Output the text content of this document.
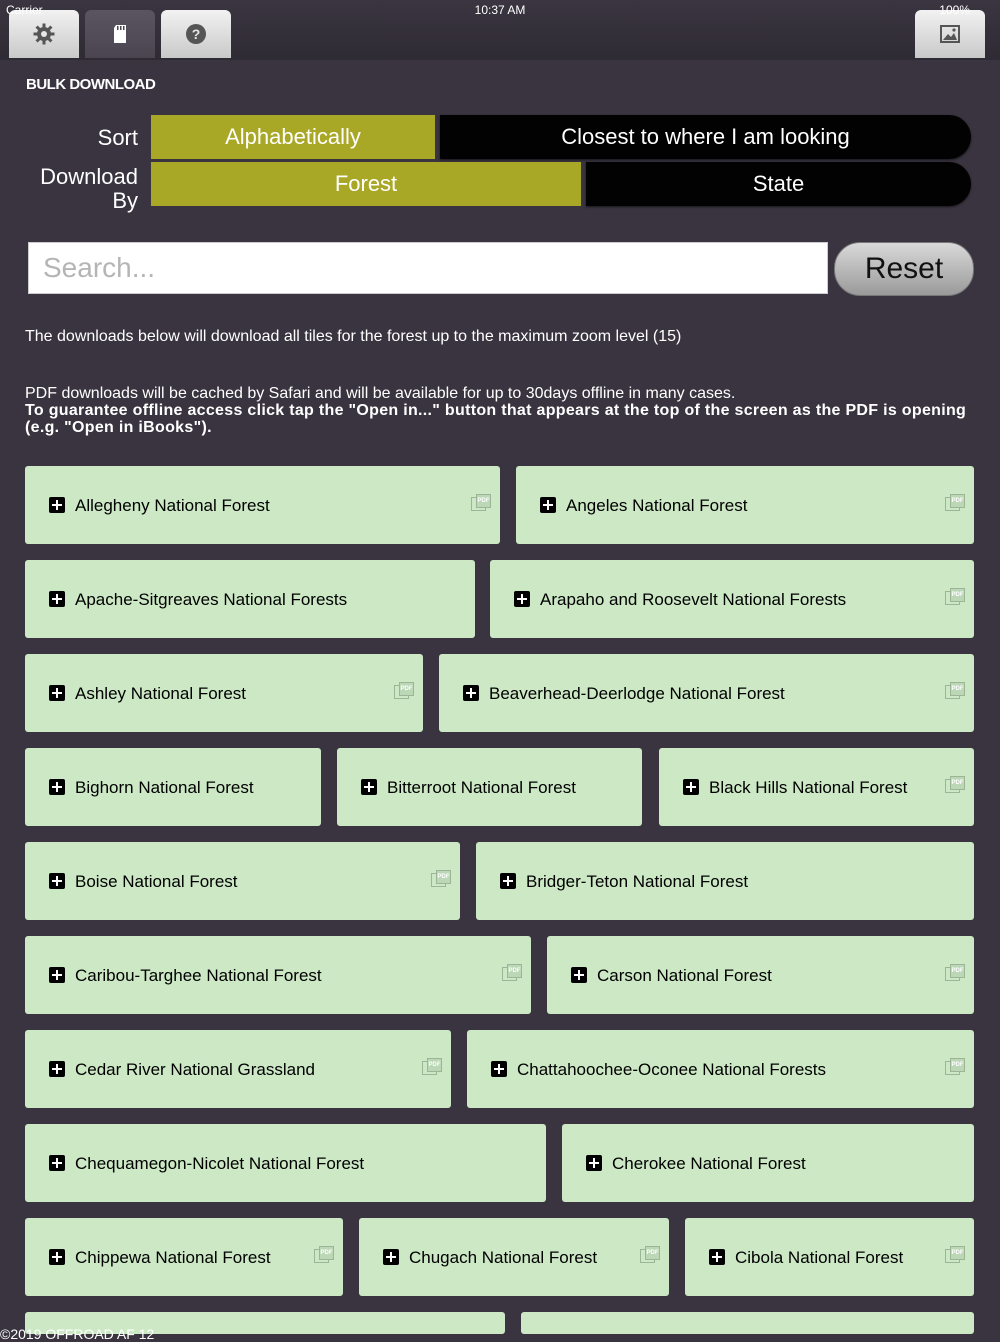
Carrier	10:37 AM	100%
?
BULK DOWNLOAD
Sort	Alphabetically	Closest to where I am looking
Download
By
Forest	State
Search...
Reset
The downloads below will download all tiles for the forest up to the maximum zoom level (15)
PDF downloads will be cached by Safari and will be available for up to 30days offline in many cases.
To guarantee offline access click tap the "Open in..." button that appears at the top of the screen as the PDF is opening (e.g. "Open in iBooks").
Allegheny National Forest	PDF	Angeles National Forest	PDF
Apache-Sitgreaves National Forests	Arapaho and Roosevelt National Forests	PDF
Ashley National Forest	PDF	Beaverhead-Deerlodge National Forest	PDF
Bighorn National Forest	Bitterroot National Forest	Black Hills National Forest	PDF
Boise National Forest	PDF	Bridger-Teton National Forest
Caribou-Targhee National Forest	PDF	Carson National Forest	PDF
Cedar River National Grassland	PDF	Chattahoochee-Oconee National Forests	PDF
Chequamegon-Nicolet National Forest	Cherokee National Forest
Chippewa National Forest	PDF	Chugach National Forest	PDF	Cibola National Forest	PDF
©2019 OFFROAD AF 12
